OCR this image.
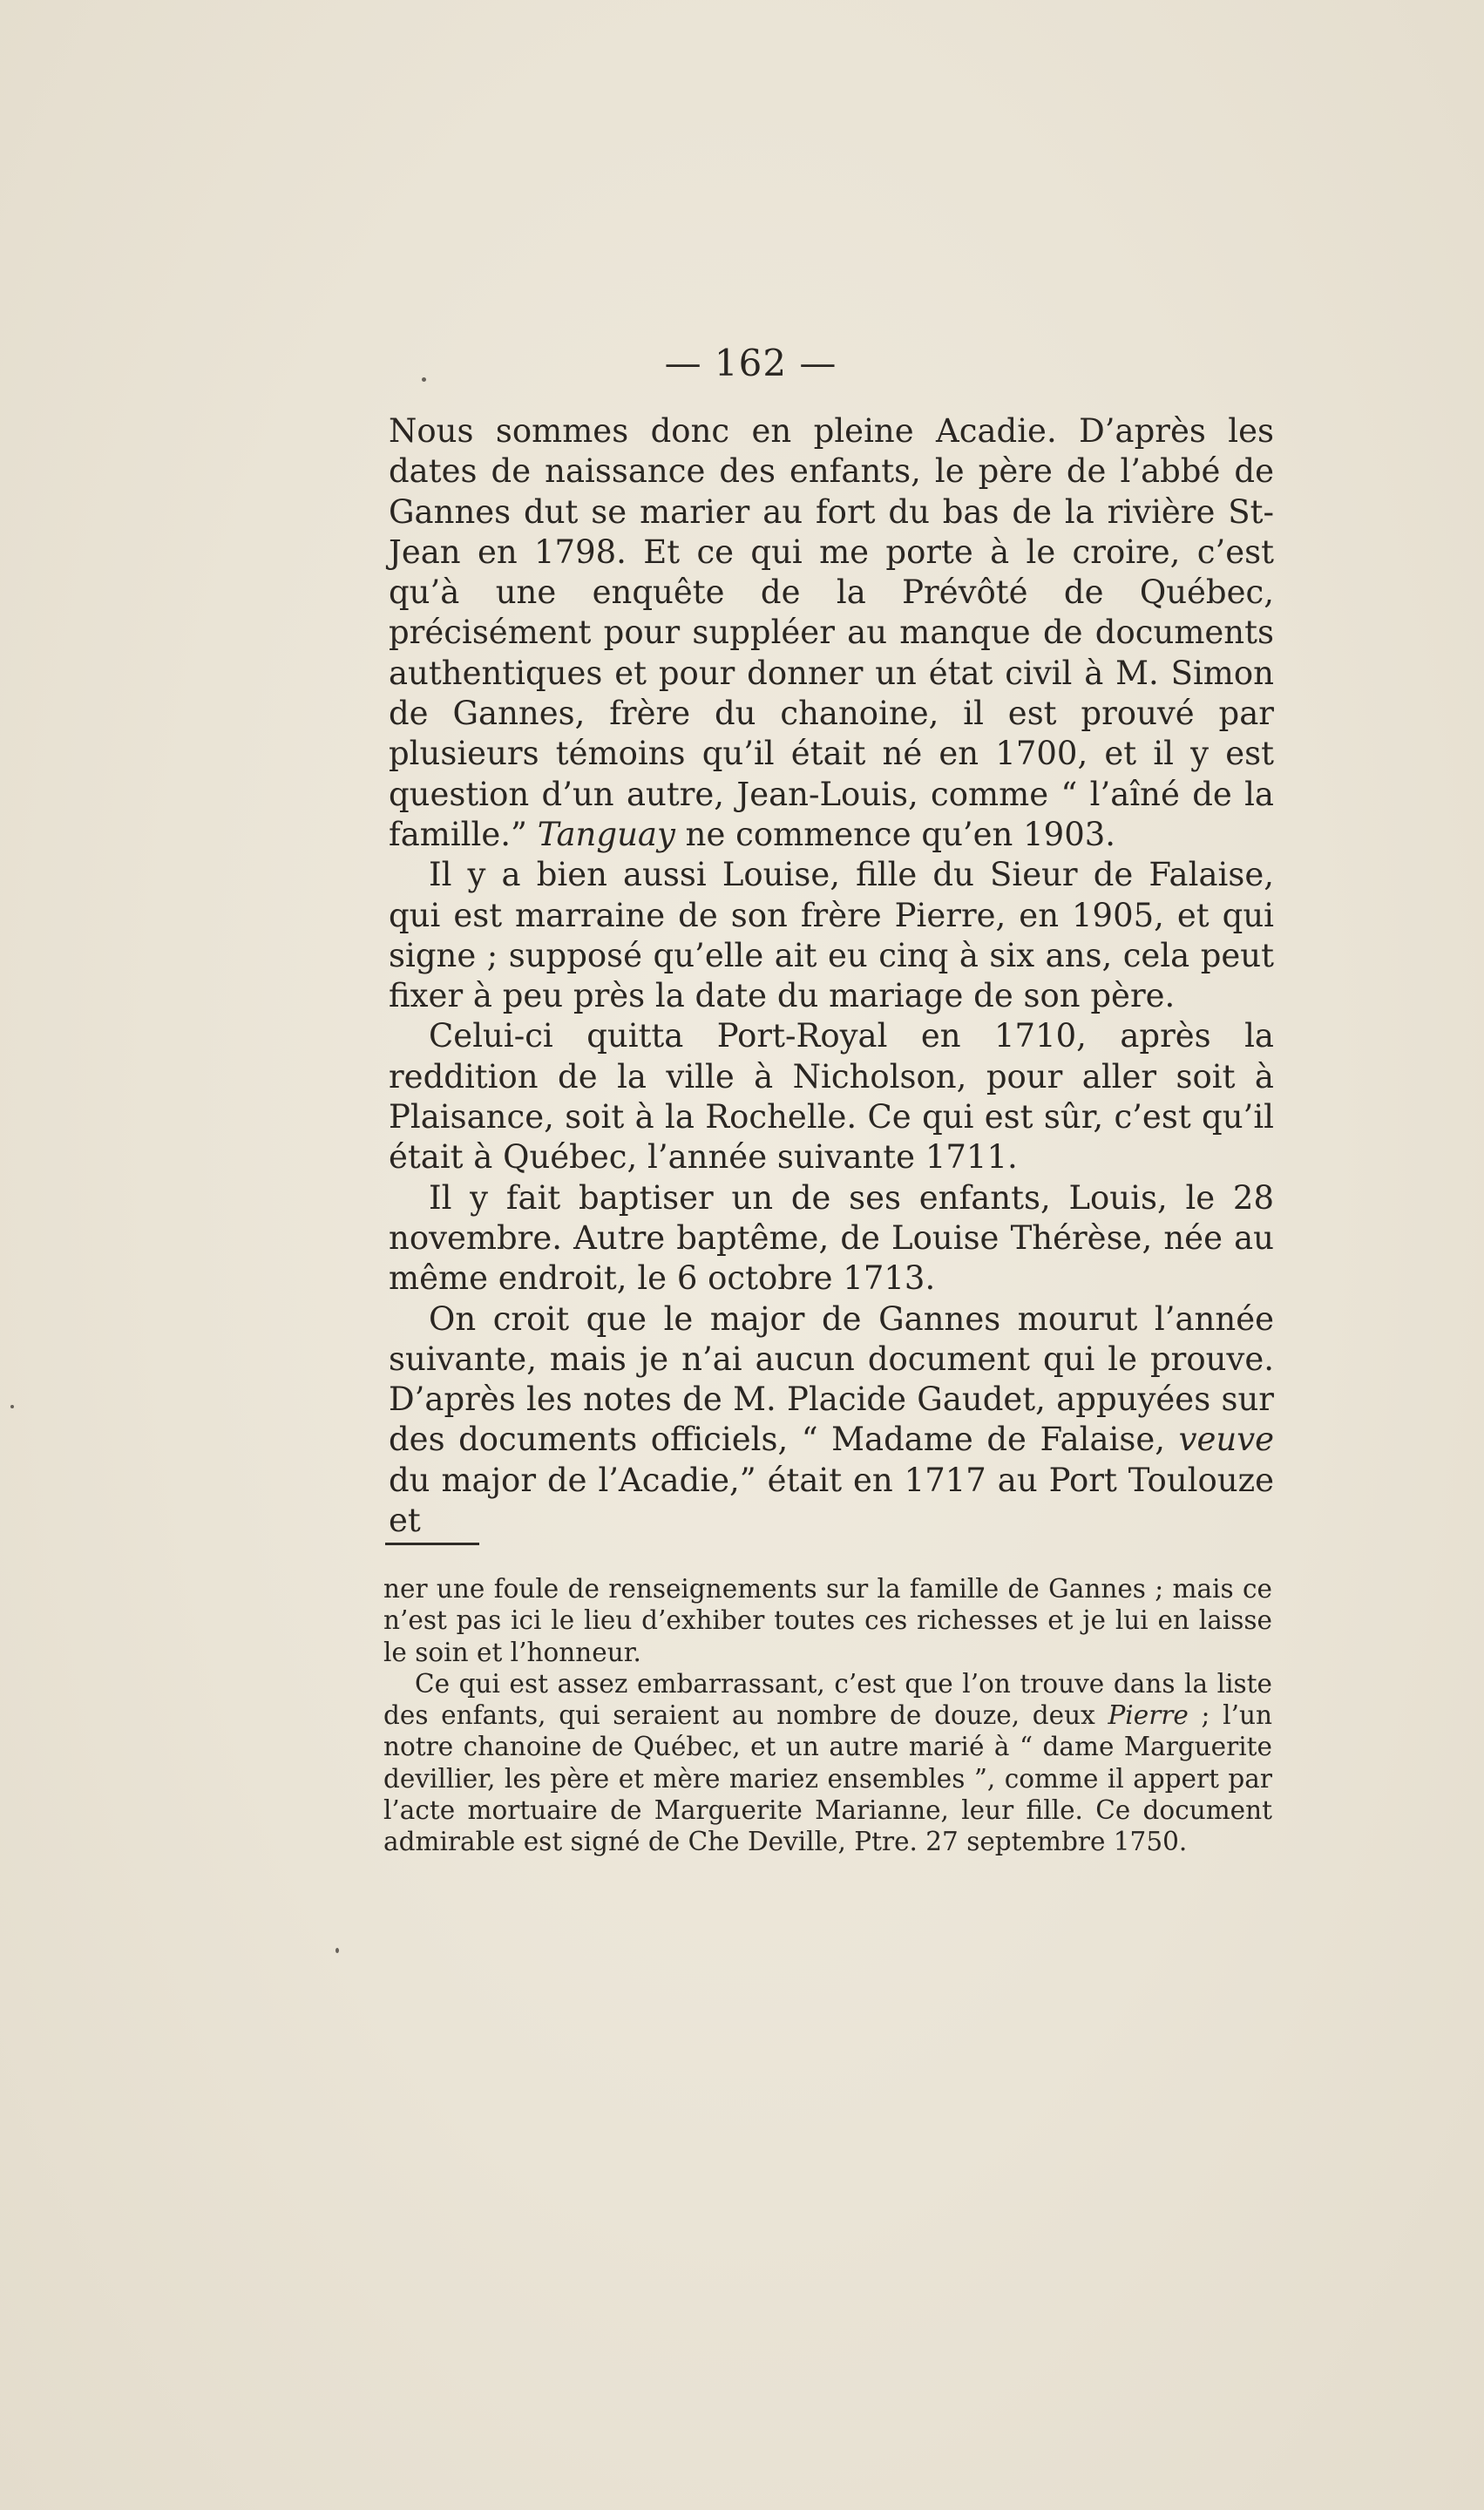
— 162 —

Nous sommes donc en pleine Acadie. D’après les dates de naissance des enfants, le père de l’abbé de Gannes dut se marier au fort du bas de la rivière St-Jean en 1798. Et ce qui me porte à le croire, c’est qu’à une enquête de la Prévôté de Québec, précisément pour suppléer au manque de documents authentiques et pour donner un état civil à M. Simon de Gannes, frère du chanoine, il est prouvé par plusieurs témoins qu’il était né en 1700, et il y est question d’un autre, Jean-Louis, comme “ l’aîné de la famille.” Tanguay ne commence qu’en 1903.

Il y a bien aussi Louise, fille du Sieur de Falaise, qui est marraine de son frère Pierre, en 1905, et qui signe ; supposé qu’elle ait eu cinq à six ans, cela peut fixer à peu près la date du mariage de son père.

Celui-ci quitta Port-Royal en 1710, après la reddition de la ville à Nicholson, pour aller soit à Plaisance, soit à la Rochelle. Ce qui est sûr, c’est qu’il était à Québec, l’année suivante 1711.

Il y fait baptiser un de ses enfants, Louis, le 28 novembre. Autre baptême, de Louise Thérèse, née au même endroit, le 6 octobre 1713.

On croit que le major de Gannes mourut l’année suivante, mais je n’ai aucun document qui le prouve. D’après les notes de M. Placide Gaudet, appuyées sur des documents officiels, “ Madame de Falaise, veuve du major de l’Acadie,” était en 1717 au Port Toulouze et

ner une foule de renseignements sur la famille de Gannes ; mais ce n’est pas ici le lieu d’exhiber toutes ces richesses et je lui en laisse le soin et l’honneur.

Ce qui est assez embarrassant, c’est que l’on trouve dans la liste des enfants, qui seraient au nombre de douze, deux Pierre ; l’un notre chanoine de Québec, et un autre marié à “ dame Marguerite devillier, les père et mère mariez ensembles ”, comme il appert par l’acte mortuaire de Marguerite Marianne, leur fille. Ce document admirable est signé de Che Deville, Ptre. 27 septembre 1750.
